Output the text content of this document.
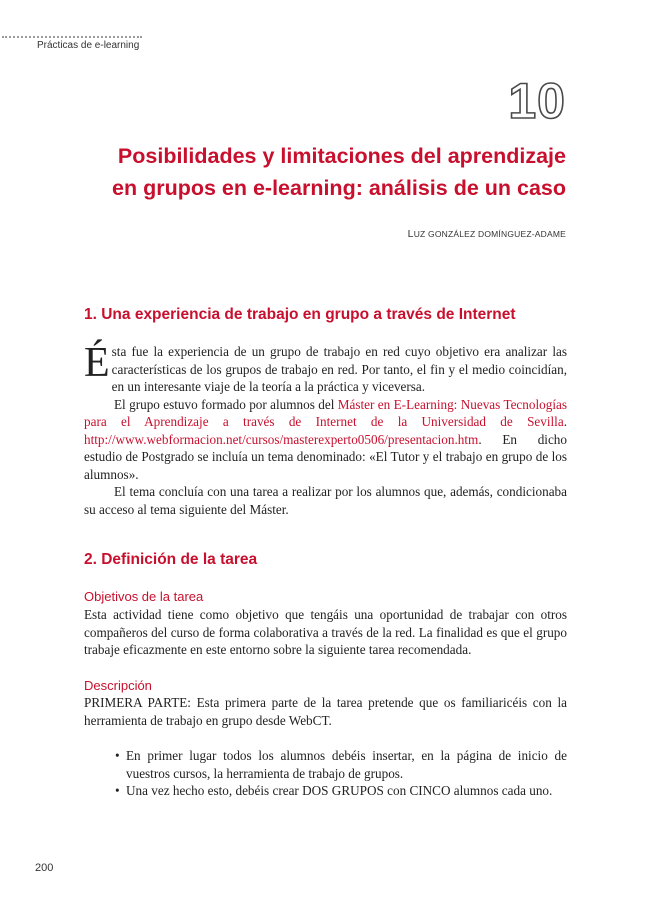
Prácticas de e-learning
10
Posibilidades y limitaciones del aprendizaje
en grupos en e-learning: análisis de un caso
LUZ GONZÁLEZ DOMÍNGUEZ-ADAME
1. Una experiencia de trabajo en grupo a través de Internet

Ésta fue la experiencia de un grupo de trabajo en red cuyo objetivo era analizar las características de los grupos de trabajo en red. Por tanto, el fin y el medio coincidían, en un interesante viaje de la teoría a la práctica y viceversa.

El grupo estuvo formado por alumnos del Máster en E-Learning: Nuevas Tecnologías para el Aprendizaje a través de Internet de la Universidad de Sevilla. http://www.webformacion.net/cursos/masterexperto0506/presentacion.htm. En dicho estudio de Postgrado se incluía un tema denominado: «El Tutor y el trabajo en grupo de los alumnos».

El tema concluía con una tarea a realizar por los alumnos que, además, condicionaba su acceso al tema siguiente del Máster.

2. Definición de la tarea
Objetivos de la tarea

Esta actividad tiene como objetivo que tengáis una oportunidad de trabajar con otros compañeros del curso de forma colaborativa a través de la red. La finalidad es que el grupo trabaje eficazmente en este entorno sobre la siguiente tarea recomendada.

Descripción

PRIMERA PARTE: Esta primera parte de la tarea pretende que os familiaricéis con la herramienta de trabajo en grupo desde WebCT.

• En primer lugar todos los alumnos debéis insertar, en la página de inicio de vuestros cursos, la herramienta de trabajo de grupos.
• Una vez hecho esto, debéis crear DOS GRUPOS con CINCO alumnos cada uno.
200
